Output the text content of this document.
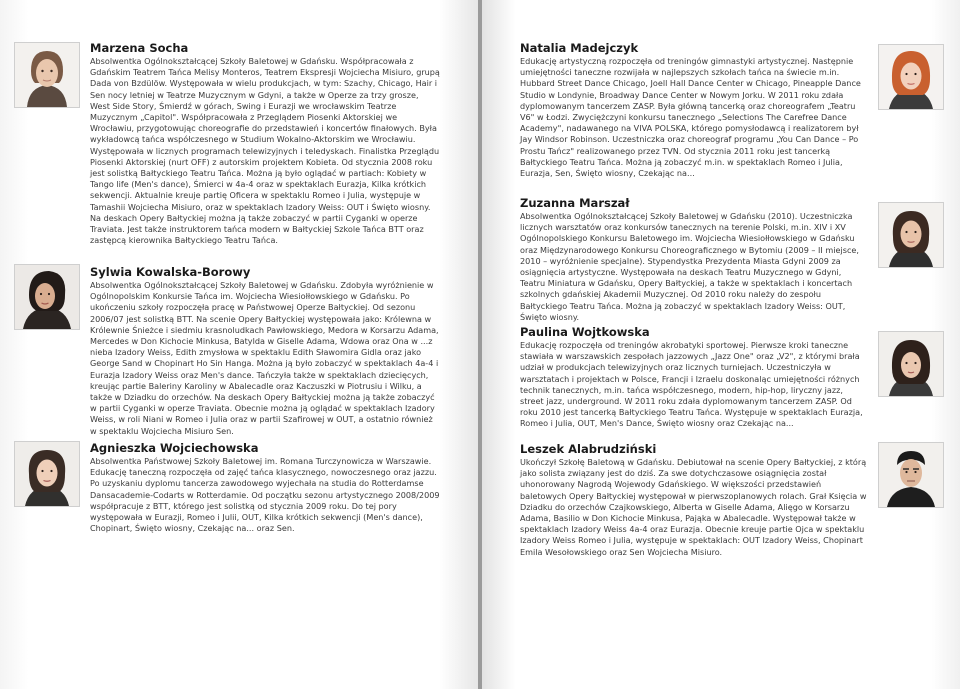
Marzena Socha

Absolwentka Ogólnokształcącej Szkoły Baletowej w Gdańsku. Współpracowała z Gdańskim Teatrem Tańca Melisy Monteros, Teatrem Ekspresji Wojciecha Misiuro, grupą Dada von Bzdülöw. Występowała w wielu produkcjach, w tym: Szachy, Chicago, Hair i Sen nocy letniej w Teatrze Muzycznym w Gdyni, a także w Operze za trzy grosze, West Side Story, Śmierdź w górach, Swing i Eurazji we wrocławskim Teatrze Muzycznym „Capitol". Współpracowała z Przeglądem Piosenki Aktorskiej we Wrocławiu, przygotowując choreografie do przedstawień i koncertów finałowych. Była wykładowcą tańca współczesnego w Studium Wokalno-Aktorskim we Wrocławiu. Występowała w licznych programach telewizyjnych i teledyskach. Finalistka Przeglądu Piosenki Aktorskiej (nurt OFF) z autorskim projektem Kobieta. Od stycznia 2008 roku jest solistką Bałtyckiego Teatru Tańca. Można ją było oglądać w partiach: Kobiety w Tango life (Men's dance), Śmierci w 4a-4 oraz w spektaklach Eurazja, Kilka krótkich sekwencji. Aktualnie kreuje partię Oficera w spektaklu Romeo i Julia, występuje w Tamashii Wojciecha Misiuro, oraz w spektaklach Izadory Weiss: OUT i Święto wiosny. Na deskach Opery Bałtyckiej można ją także zobaczyć w partii Cyganki w operze Traviata. Jest także instruktorem tańca modern w Bałtyckiej Szkole Tańca BTT oraz zastępcą kierownika Bałtyckiego Teatru Tańca.

Sylwia Kowalska-Borowy

Absolwentka Ogólnokształcącej Szkoły Baletowej w Gdańsku. Zdobyła wyróżnienie w Ogólnopolskim Konkursie Tańca im. Wojciecha Wiesiołłowskiego w Gdańsku. Po ukończeniu szkoły rozpoczęła pracę w Państwowej Operze Bałtyckiej. Od sezonu 2006/07 jest solistką BTT. Na scenie Opery Bałtyckiej występowała jako: Królewna w Królewnie Śnieżce i siedmiu krasnoludkach Pawłowskiego, Medora w Korsarzu Adama, Mercedes w Don Kichocie Minkusa, Batylda w Giselle Adama, Wdowa oraz Ona w ...z nieba Izadory Weiss, Edith zmysłowa w spektaklu Edith Sławomira Gidla oraz jako George Sand w Chopinart Ho Sin Hanga. Można ją było zobaczyć w spektaklach 4a-4 i Eurazja Izadory Weiss oraz Men's dance. Tańczyła także w spektaklach dziecięcych, kreując partie Baleriny Karoliny w Abalecadle oraz Kaczuszki w Piotrusiu i Wilku, a także w Dziadku do orzechów. Na deskach Opery Bałtyckiej można ją także zobaczyć w partii Cyganki w operze Traviata. Obecnie można ją oglądać w spektaklach Izadory Weiss, w roli Niani w Romeo i Julia oraz w partii Szafirowej w OUT, a ostatnio również w spektaklu Wojciecha Misiuro Sen.

Agnieszka Wojciechowska

Absolwentka Państwowej Szkoły Baletowej im. Romana Turczynowicza w Warszawie. Edukację taneczną rozpoczęła od zajęć tańca klasycznego, nowoczesnego oraz jazzu. Po uzyskaniu dyplomu tancerza zawodowego wyjechała na studia do Rotterdamse Dansacademie-Codarts w Rotterdamie. Od początku sezonu artystycznego 2008/2009 współpracuje z BTT, którego jest solistką od stycznia 2009 roku. Do tej pory występowała w Eurazji, Romeo i Julii, OUT, Kilka krótkich sekwencji (Men's dance), Chopinart, Święto wiosny, Czekając na... oraz Sen.

Natalia Madejczyk

Edukację artystyczną rozpoczęła od treningów gimnastyki artystycznej. Następnie umiejętności taneczne rozwijała w najlepszych szkołach tańca na świecie m.in. Hubbard Street Dance Chicago, Joell Hall Dance Center w Chicago, Pineapple Dance Studio w Londynie, Broadway Dance Center w Nowym Jorku. W 2011 roku zdała dyplomowanym tancerzem ZASP. Była główną tancerką oraz choreografem „Teatru V6" w Łodzi. Zwyciężczyni konkursu tanecznego „Selections The Carefree Dance Academy", nadawanego na VIVA POLSKA, którego pomysłodawcą i realizatorem był Jay Windsor Robinson. Uczestniczka oraz choreograf programu „You Can Dance – Po Prostu Tańcz" realizowanego przez TVN. Od stycznia 2011 roku jest tancerką Bałtyckiego Teatru Tańca. Można ją zobaczyć m.in. w spektaklach Romeo i Julia, Eurazja, Sen, Święto wiosny, Czekając na...

Zuzanna Marszał

Absolwentka Ogólnokształcącej Szkoły Baletowej w Gdańsku (2010). Uczestniczka licznych warsztatów oraz konkursów tanecznych na terenie Polski, m.in. XIV i XV Ogólnopolskiego Konkursu Baletowego im. Wojciecha Wiesiołłowskiego w Gdańsku oraz Międzynarodowego Konkursu Choreograficznego w Bytomiu (2009 – II miejsce, 2010 – wyróżnienie specjalne). Stypendystka Prezydenta Miasta Gdyni 2009 za osiągnięcia artystyczne. Występowała na deskach Teatru Muzycznego w Gdyni, Teatru Miniatura w Gdańsku, Opery Bałtyckiej, a także w spektaklach i koncertach szkolnych gdańskiej Akademii Muzycznej. Od 2010 roku należy do zespołu Bałtyckiego Teatru Tańca. Można ją zobaczyć w spektaklach Izadory Weiss: OUT, Święto wiosny.

Paulina Wojtkowska

Edukację rozpoczęła od treningów akrobatyki sportowej. Pierwsze kroki taneczne stawiała w warszawskich zespołach jazzowych „Jazz One" oraz „V2", z którymi brała udział w produkcjach telewizyjnych oraz licznych turniejach. Uczestniczyła w warsztatach i projektach w Polsce, Francji i Izraelu doskonaląc umiejętności różnych technik tanecznych, m.in. tańca współczesnego, modern, hip-hop, liryczny jazz, street jazz, underground. W 2011 roku zdała dyplomowanym tancerzem ZASP. Od roku 2010 jest tancerką Bałtyckiego Teatru Tańca. Występuje w spektaklach Eurazja, Romeo i Julia, OUT, Men's Dance, Święto wiosny oraz Czekając na...

Leszek Alabrudziński

Ukończył Szkołę Baletową w Gdańsku. Debiutował na scenie Opery Bałtyckiej, z którą jako solista związany jest do dziś. Za swe dotychczasowe osiągnięcia został uhonorowany Nagrodą Wojewody Gdańskiego. W większości przedstawień baletowych Opery Bałtyckiej występował w pierwszoplanowych rolach. Grał Księcia w Dziadku do orzechów Czajkowskiego, Alberta w Giselle Adama, Alięgo w Korsarzu Adama, Basilio w Don Kichocie Minkusa, Pająka w Abalecadle. Występował także w spektaklach Izadory Weiss 4a-4 oraz Eurazja. Obecnie kreuje partie Ojca w spektaklu Izadory Weiss Romeo i Julia, występuje w spektaklach: OUT Izadory Weiss, Chopinart Emila Wesołowskiego oraz Sen Wojciecha Misiuro.
